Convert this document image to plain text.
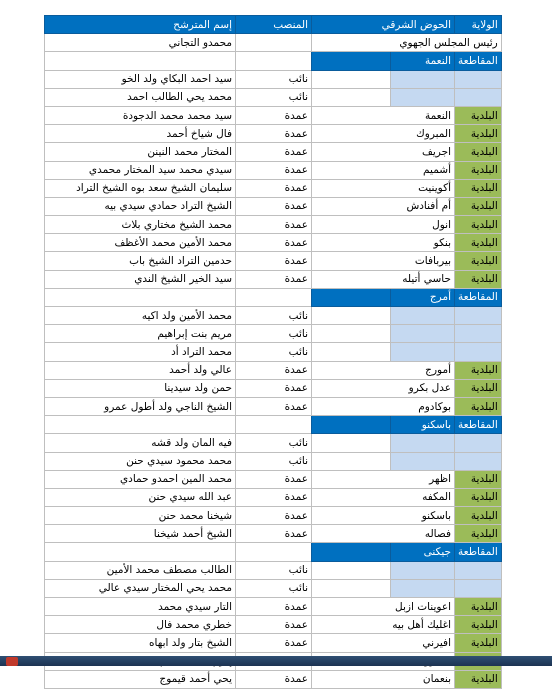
الولاية	الحوض الشرقي		المنصب	إسم المترشح
رئيس المجلس الجهوي				محمدو التجاني
المقاطعة	النعمة			
			نائب	سيد احمد البكاي ولد الخو
			نائب	محمد يحي الطالب احمد
البلدية	النعمة		عمدة	سيد محمد محمد الدجودة
البلدية	المبروك		عمدة	فال شياخ أحمد
البلدية	اجريف		عمدة	المختار محمد النينن
البلدية	أشميم		عمدة	سيدي محمد سيد المختار محمدي
البلدية	أكوينيت		عمدة	سليمان الشيخ سعد بوه الشيخ التراد
البلدية	أم أفنادش		عمدة	الشيخ التراد حمادي سيدي بيه
البلدية	انول		عمدة	محمد الشيخ مختاري بلاث
البلدية	بنكو		عمدة	محمد الأمين محمد الأغظف
البلدية	بيربافات		عمدة	حدمين التراد الشيخ باب
البلدية	حاسي أتيله		عمدة	سيد الخير الشيخ الندي
المقاطعة	أمرج			
			نائب	محمد الأمين ولد اكيه
			نائب	مريم بنت إبراهيم
			نائب	محمد التراد أد
البلدية	أمورج		عمدة	عالي ولد أحمد
البلدية	عدل بكرو		عمدة	حمن ولد سيدينا
البلدية	بوكادوم		عمدة	الشيخ الناجي ولد أطول عمرو
المقاطعة	باسكنو			
			نائب	فيه المان ولد قشه
			نائب	محمد محمود سيدي حنن
البلدية	اظهر		عمدة	محمد المين احمدو حمادي
البلدية	المكفه		عمدة	عبد الله سيدي حنن
البلدية	باسكنو		عمدة	شيخنا محمد حنن
البلدية	فصاله		عمدة	الشيخ أحمد شيخنا
المقاطعة	جيكنى			
			نائب	الطالب مصطف محمد الأمين
			نائب	محمد يحي المختار سيدي عالي
البلدية	اعوينات ازبل		عمدة	التار سيدي محمد
البلدية	اغليك أهل بيه		عمدة	خطري محمد فال
البلدية	افيرني		عمدة	الشيخ بتار ولد ابهاه

البلدية	بنعمان		عمدة	يحي أحمد قيموج
